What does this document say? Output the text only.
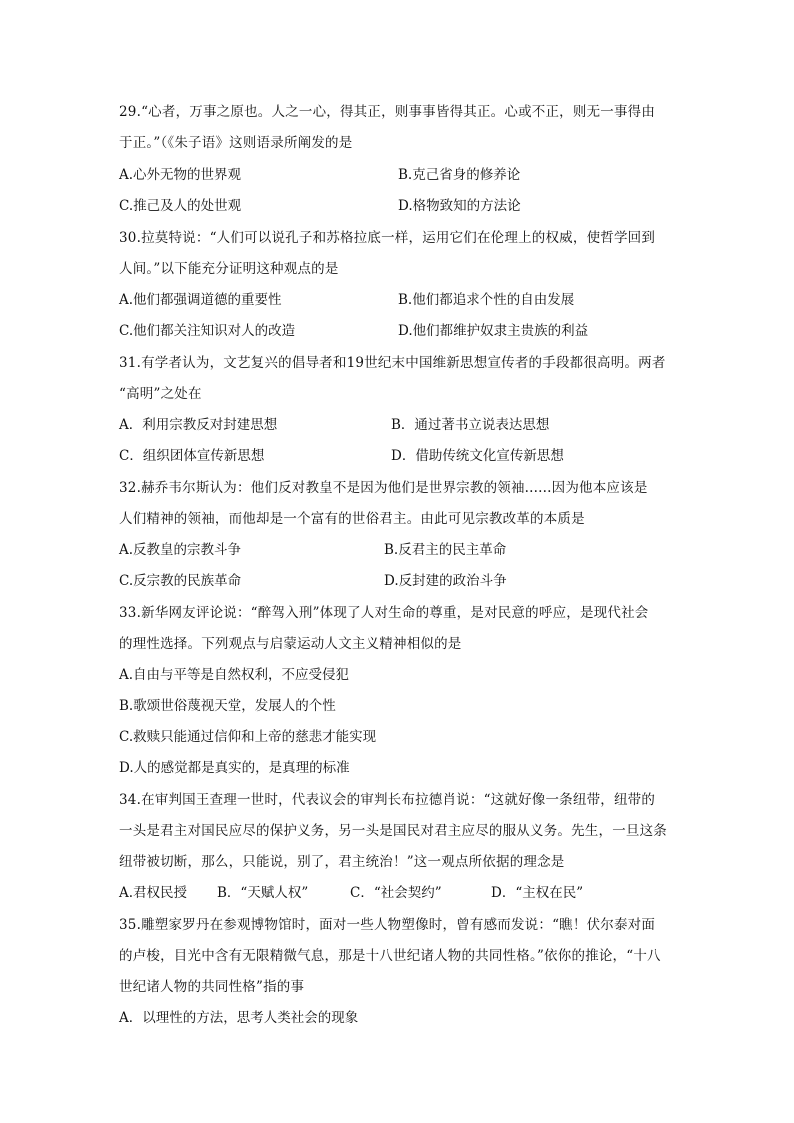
29.“心者，万事之原也。人之一心，得其正，则事事皆得其正。心或不正，则无一事得由
于正。”（《朱子语》这则语录所阐发的是
A.心外无物的世界观	B.克己省身的修养论
C.推己及人的处世观	D.格物致知的方法论
30.拉莫特说：“人们可以说孔子和苏格拉底一样，运用它们在伦理上的权威，使哲学回到
人间。”以下能充分证明这种观点的是
A.他们都强调道德的重要性	B.他们都追求个性的自由发展
C.他们都关注知识对人的改造	D.他们都维护奴隶主贵族的利益
31.有学者认为，文艺复兴的倡导者和19世纪末中国维新思想宣传者的手段都很高明。两者
“高明”之处在
A．利用宗教反对封建思想	B．通过著书立说表达思想
C．组织团体宣传新思想	D．借助传统文化宣传新思想
32.赫乔韦尔斯认为：他们反对教皇不是因为他们是世界宗教的领袖......因为他本应该是
人们精神的领袖，而他却是一个富有的世俗君主。由此可见宗教改革的本质是
A.反教皇的宗教斗争	B.反君主的民主革命
C.反宗教的民族革命	D.反封建的政治斗争
33.新华网友评论说：“醉驾入刑”体现了人对生命的尊重，是对民意的呼应，是现代社会
的理性选择。下列观点与启蒙运动人文主义精神相似的是
A.自由与平等是自然权利，不应受侵犯
B.歌颂世俗蔑视天堂，发展人的个性
C.救赎只能通过信仰和上帝的慈悲才能实现
D.人的感觉都是真实的，是真理的标准
34.在审判国王查理一世时，代表议会的审判长布拉德肖说：“这就好像一条纽带，纽带的
一头是君主对国民应尽的保护义务，另一头是国民对君主应尽的服从义务。先生，一旦这条
纽带被切断，那么，只能说，别了，君主统治！”这一观点所依据的理念是
A.君权民授 B．“天赋人权”	C．“社会契约”	D．“主权在民”
35.雕塑家罗丹在参观博物馆时，面对一些人物塑像时，曾有感而发说：“瞧！伏尔泰对面
的卢梭，目光中含有无限精微气息，那是十八世纪诸人物的共同性格。”依你的推论，“十八
世纪诸人物的共同性格”指的事
A．以理性的方法，思考人类社会的现象
